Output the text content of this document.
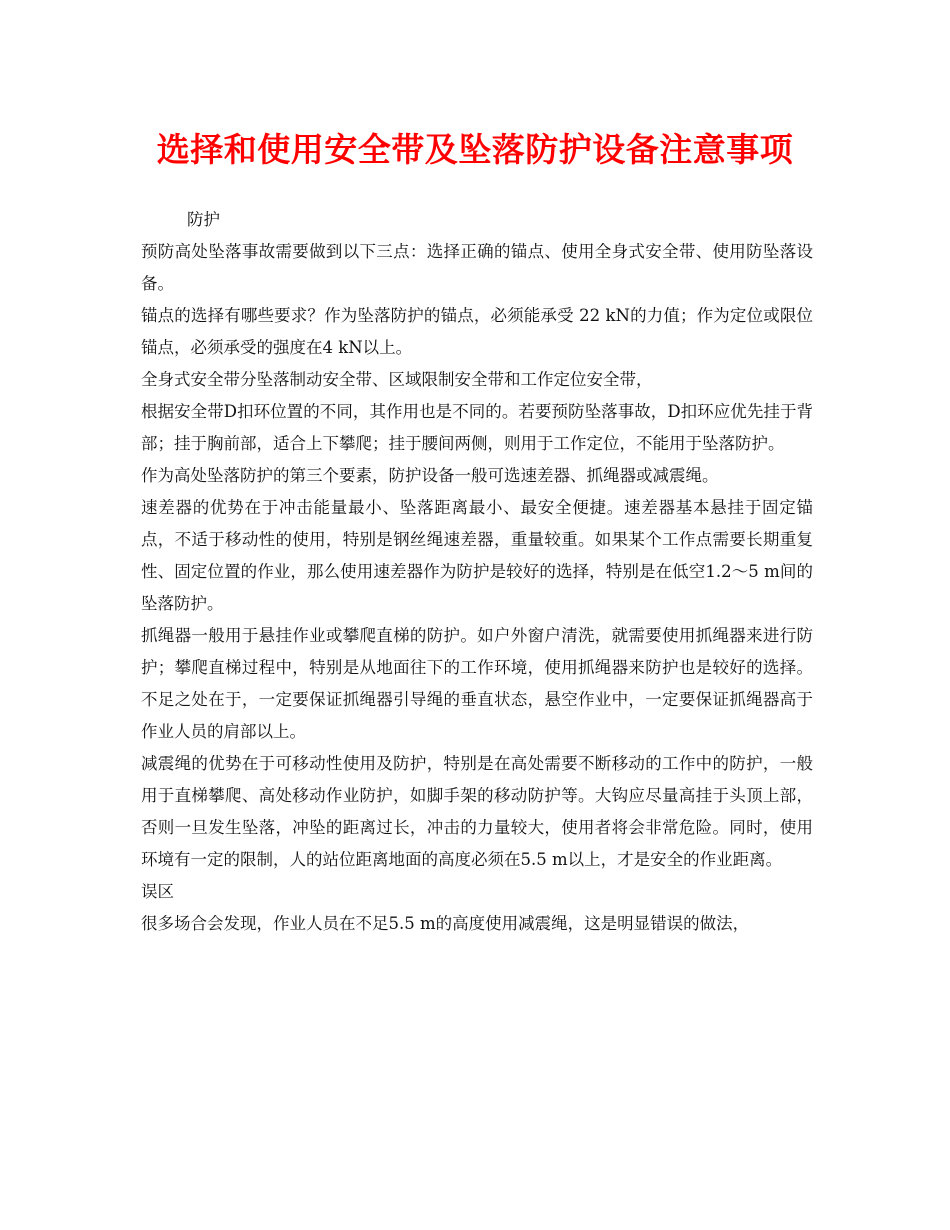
选择和使用安全带及坠落防护设备注意事项

防护

预防高处坠落事故需要做到以下三点：选择正确的锚点、使用全身式安全带、使用防坠落设备。

锚点的选择有哪些要求？作为坠落防护的锚点，必须能承受 22 kN的力值；作为定位或限位锚点，必须承受的强度在4 kN以上。

全身式安全带分坠落制动安全带、区域限制安全带和工作定位安全带，

根据安全带D扣环位置的不同，其作用也是不同的。若要预防坠落事故，D扣环应优先挂于背部；挂于胸前部，适合上下攀爬；挂于腰间两侧，则用于工作定位，不能用于坠落防护。

作为高处坠落防护的第三个要素，防护设备一般可选速差器、抓绳器或减震绳。

速差器的优势在于冲击能量最小、坠落距离最小、最安全便捷。速差器基本悬挂于固定锚点，不适于移动性的使用，特别是钢丝绳速差器，重量较重。如果某个工作点需要长期重复性、固定位置的作业，那么使用速差器作为防护是较好的选择，特别是在低空1.2～5 m间的坠落防护。

抓绳器一般用于悬挂作业或攀爬直梯的防护。如户外窗户清洗，就需要使用抓绳器来进行防护；攀爬直梯过程中，特别是从地面往下的工作环境，使用抓绳器来防护也是较好的选择。不足之处在于，一定要保证抓绳器引导绳的垂直状态，悬空作业中，一定要保证抓绳器高于作业人员的肩部以上。

减震绳的优势在于可移动性使用及防护，特别是在高处需要不断移动的工作中的防护，一般用于直梯攀爬、高处移动作业防护，如脚手架的移动防护等。大钩应尽量高挂于头顶上部，否则一旦发生坠落，冲坠的距离过长，冲击的力量较大，使用者将会非常危险。同时，使用环境有一定的限制，人的站位距离地面的高度必须在5.5 m以上，才是安全的作业距离。

误区

很多场合会发现，作业人员在不足5.5 m的高度使用减震绳，这是明显错误的做法，
